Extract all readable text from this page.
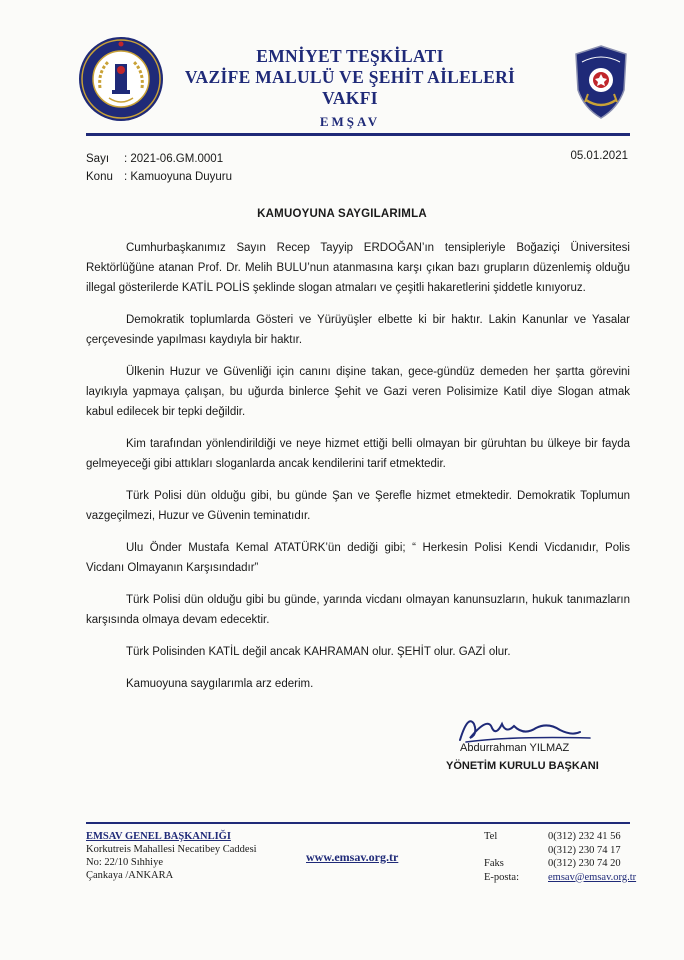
EMNİYET TEŞKİLATI
VAZİFE MALULÜ VE ŞEHİT AİLELERİ
VAKFI
EMŞAV
Sayı : 2021-06.GM.0001
Konu : Kamuoyuna Duyuru
05.01.2021
KAMUOYUNA SAYGILARIMLA

Cumhurbaşkanımız Sayın Recep Tayyip ERDOĞAN’ın tensipleriyle Boğaziçi Üniversitesi Rektörlüğüne atanan Prof. Dr. Melih BULU’nun atanmasına karşı çıkan bazı grupların düzenlemiş olduğu illegal gösterilerde KATİL POLİS şeklinde slogan atmaları ve çeşitli hakaretlerini şiddetle kınıyoruz.

Demokratik toplumlarda Gösteri ve Yürüyüşler elbette ki bir haktır. Lakin Kanunlar ve Yasalar çerçevesinde yapılması kaydıyla bir haktır.

Ülkenin Huzur ve Güvenliği için canını dişine takan, gece-gündüz demeden her şartta görevini layıkıyla yapmaya çalışan, bu uğurda binlerce Şehit ve Gazi veren Polisimize Katil diye Slogan atmak kabul edilecek bir tepki değildir.

Kim tarafından yönlendirildiği ve neye hizmet ettiği belli olmayan bir güruhtan bu ülkeye bir fayda gelmeyeceği gibi attıkları sloganlarda ancak kendilerini tarif etmektedir.

Türk Polisi dün olduğu gibi, bu günde Şan ve Şerefle hizmet etmektedir. Demokratik Toplumun vazgeçilmezi, Huzur ve Güvenin teminatıdır.

Ulu Önder Mustafa Kemal ATATÜRK’ün dediği gibi; “ Herkesin Polisi Kendi Vicdanıdır, Polis Vicdanı Olmayanın Karşısındadır”

Türk Polisi dün olduğu gibi bu günde, yarında vicdanı olmayan kanunsuzların, hukuk tanımazların karşısında olmaya devam edecektir.

Türk Polisinden KATİL değil ancak KAHRAMAN olur. ŞEHİT olur. GAZİ olur.

Kamuoyuna saygılarımla arz ederim.

Abdurrahman YILMAZ
YÖNETİM KURULU BAŞKANI
EMSAV GENEL BAŞKANLIĞI
Korkutreis Mahallesi Necatibey Caddesi
No: 22/10 Sıhhiye
Çankaya /ANKARA
www.emsav.org.tr
Tel	0(312) 232 41 56
0(312) 230 74 17
Faks	0(312) 230 74 20
E-posta:	emsav@emsav.org.tr
